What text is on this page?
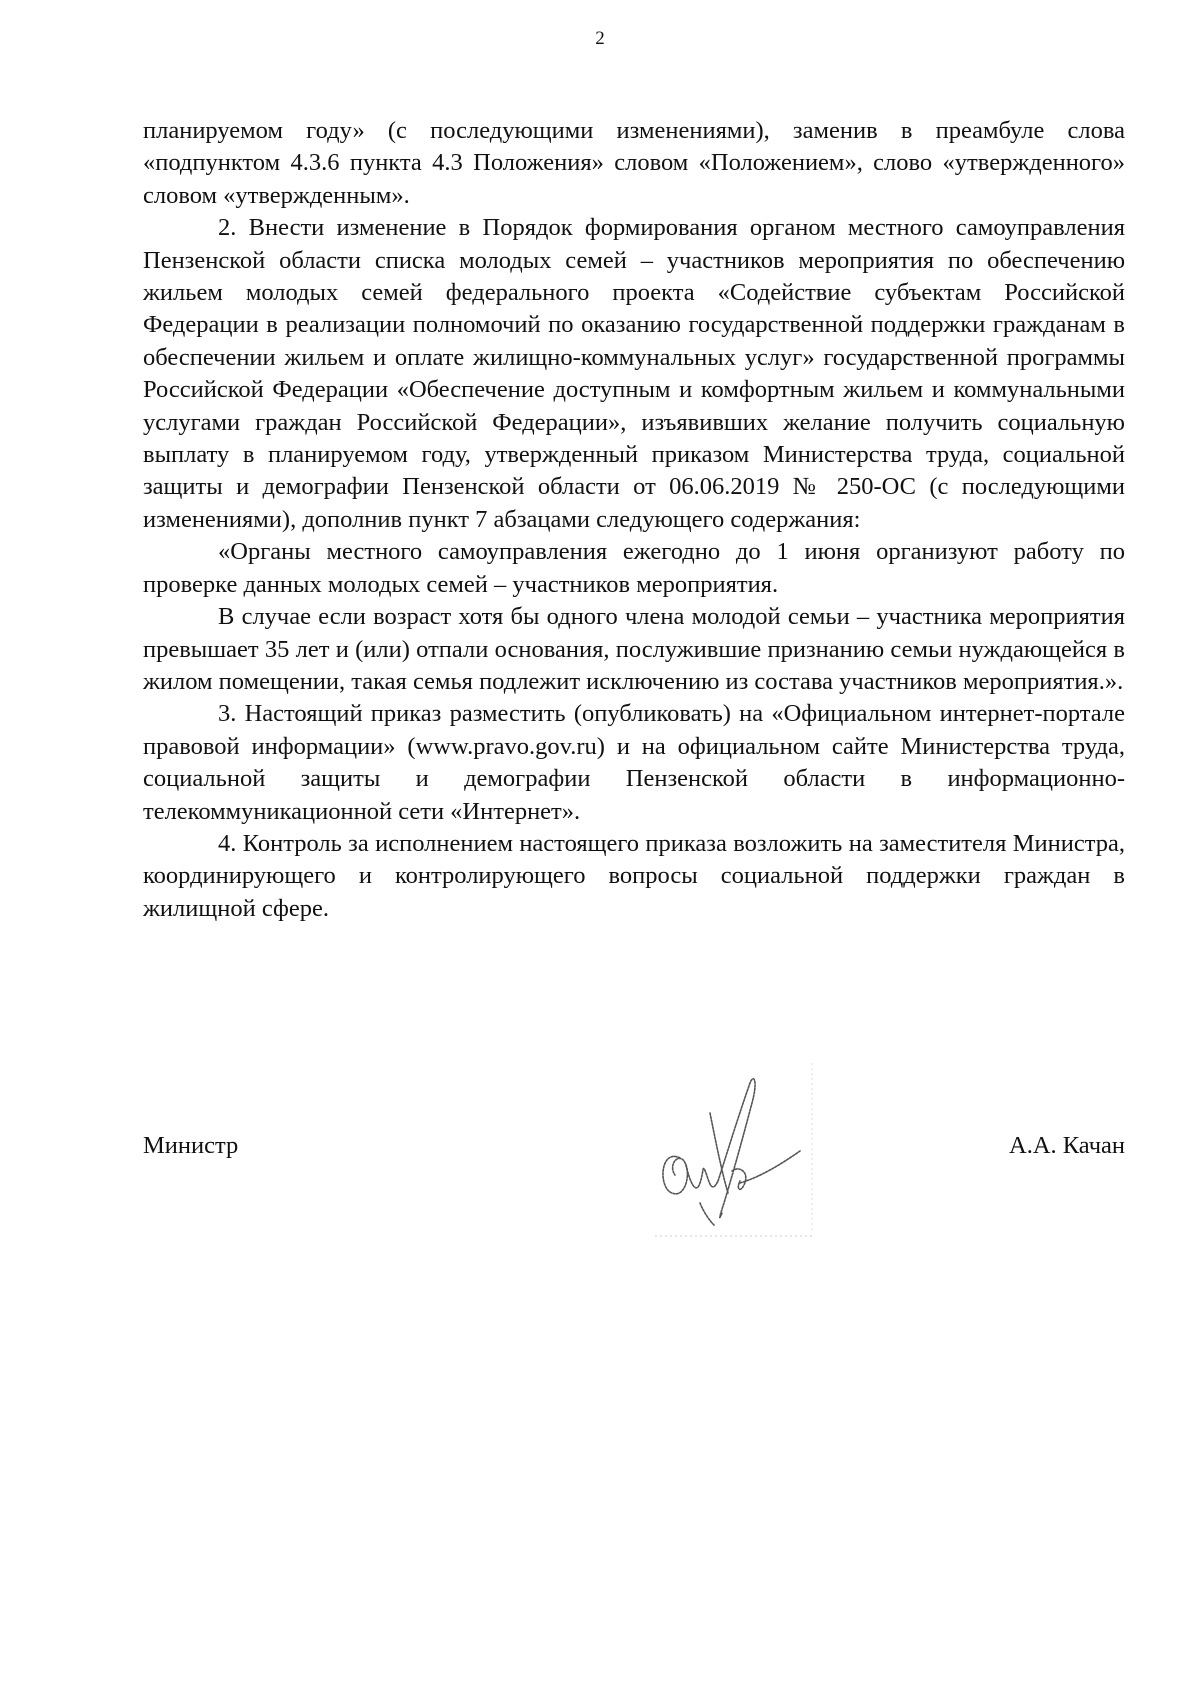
2

планируемом году» (с последующими изменениями), заменив в преамбуле слова «подпунктом 4.3.6 пункта 4.3 Положения» словом «Положением», слово «утвержденного» словом «утвержденным».

2. Внести изменение в Порядок формирования органом местного самоуправления Пензенской области списка молодых семей – участников мероприятия по обеспечению жильем молодых семей федерального проекта «Содействие субъектам Российской Федерации в реализации полномочий по оказанию государственной поддержки гражданам в обеспечении жильем и оплате жилищно-коммунальных услуг» государственной программы Российской Федерации «Обеспечение доступным и комфортным жильем и коммунальными услугами граждан Российской Федерации», изъявивших желание получить социальную выплату в планируемом году, утвержденный приказом Министерства труда, социальной защиты и демографии Пензенской области от 06.06.2019 № 250-ОС (с последующими изменениями), дополнив пункт 7 абзацами следующего содержания:

«Органы местного самоуправления ежегодно до 1 июня организуют работу по проверке данных молодых семей – участников мероприятия.

В случае если возраст хотя бы одного члена молодой семьи – участника мероприятия превышает 35 лет и (или) отпали основания, послужившие признанию семьи нуждающейся в жилом помещении, такая семья подлежит исключению из состава участников мероприятия.».

3. Настоящий приказ разместить (опубликовать) на «Официальном интернет-портале правовой информации» (www.pravo.gov.ru) и на официальном сайте Министерства труда, социальной защиты и демографии Пензенской области в информационно-телекоммуникационной сети «Интернет».

4. Контроль за исполнением настоящего приказа возложить на заместителя Министра, координирующего и контролирующего вопросы социальной поддержки граждан в жилищной сфере.

Министр	А.А. Качан
